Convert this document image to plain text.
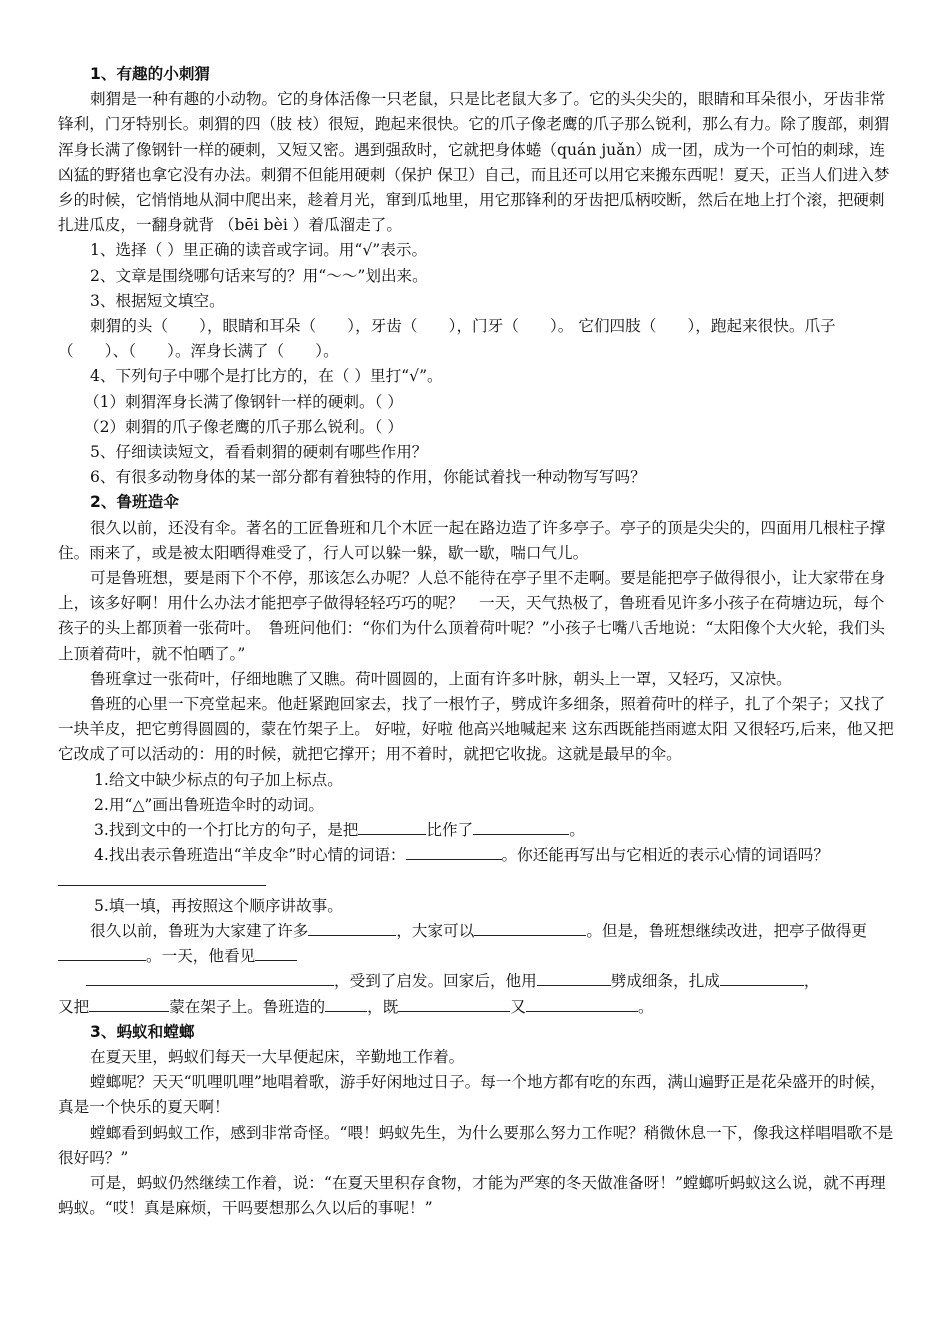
1、有趣的小刺猬

刺猬是一种有趣的小动物。它的身体活像一只老鼠，只是比老鼠大多了。它的头尖尖的，眼睛和耳朵很小，牙齿非常锋利，门牙特别长。刺猬的四（肢 枝）很短，跑起来很快。它的爪子像老鹰的爪子那么锐利，那么有力。除了腹部，刺猬浑身长满了像钢针一样的硬刺，又短又密。遇到强敌时，它就把身体蜷（quán juǎn）成一团，成为一个可怕的刺球，连凶猛的野猪也拿它没有办法。刺猬不但能用硬刺（保护 保卫）自己，而且还可以用它来搬东西呢！夏天，正当人们进入梦乡的时候，它悄悄地从洞中爬出来，趁着月光，窜到瓜地里，用它那锋利的牙齿把瓜柄咬断，然后在地上打个滚，把硬刺扎进瓜皮，一翻身就背 （bēi bèi ）着瓜溜走了。

1、选择（ ）里正确的读音或字词。用“√”表示。

2、文章是围绕哪句话来写的？用“～～”划出来。

3、根据短文填空。

刺猬的头（　　），眼睛和耳朵（　　），牙齿（　　），门牙（　　）。 它们四肢（　　），跑起来很快。爪子（　　）、（　　）。浑身长满了（　　）。

4、下列句子中哪个是打比方的，在（ ）里打“√”。

（1）刺猬浑身长满了像钢针一样的硬刺。（ ）

（2）刺猬的爪子像老鹰的爪子那么锐利。（ ）

5、仔细读读短文，看看刺猬的硬刺有哪些作用？

6、有很多动物身体的某一部分都有着独特的作用，你能试着找一种动物写写吗？

2、鲁班造伞

很久以前，还没有伞。著名的工匠鲁班和几个木匠一起在路边造了许多亭子。亭子的顶是尖尖的，四面用几根柱子撑住。雨来了，或是被太阳晒得难受了，行人可以躲一躲，歇一歇，喘口气儿。

可是鲁班想，要是雨下个不停，那该怎么办呢？人总不能待在亭子里不走啊。要是能把亭子做得很小，让大家带在身上，该多好啊！用什么办法才能把亭子做得轻轻巧巧的呢？　一天，天气热极了，鲁班看见许多小孩子在荷塘边玩，每个孩子的头上都顶着一张荷叶。　鲁班问他们：“你们为什么顶着荷叶呢？”小孩子七嘴八舌地说：“太阳像个大火轮，我们头上顶着荷叶，就不怕晒了。”

鲁班拿过一张荷叶，仔细地瞧了又瞧。荷叶圆圆的，上面有许多叶脉，朝头上一罩，又轻巧，又凉快。

鲁班的心里一下亮堂起来。他赶紧跑回家去，找了一根竹子，劈成许多细条，照着荷叶的样子，扎了个架子；又找了一块羊皮，把它剪得圆圆的，蒙在竹架子上。 好啦，好啦 他高兴地喊起来 这东西既能挡雨遮太阳 又很轻巧,后来，他又把它改成了可以活动的：用的时候，就把它撑开；用不着时，就把它收拢。这就是最早的伞。

1.给文中缺少标点的句子加上标点。

2.用“△”画出鲁班造伞时的动词。

3.找到文中的一个打比方的句子，是把	比作了	。

4.找出表示鲁班造出“羊皮伞”时心情的词语：	。你还能再写出与它相近的表示心情的词语吗？

5.填一填，再按照这个顺序讲故事。

很久以前，鲁班为大家建了许多	，大家可以	。但是，鲁班想继续改进，把亭子做得更。一天，他看见

，受到了启发。回家后，他用	劈成细条，扎成	，

又把	蒙在架子上。鲁班造的	，既	又	。

3、蚂蚁和螳螂

在夏天里，蚂蚁们每天一大早便起床，辛勤地工作着。

螳螂呢？天天“叽哩叽哩”地唱着歌，游手好闲地过日子。每一个地方都有吃的东西，满山遍野正是花朵盛开的时候，真是一个快乐的夏天啊！

螳螂看到蚂蚁工作，感到非常奇怪。“喂！蚂蚁先生，为什么要那么努力工作呢？稍微休息一下，像我这样唱唱歌不是很好吗？”

可是，蚂蚁仍然继续工作着，说：“在夏天里积存食物，才能为严寒的冬天做准备呀！”螳螂听蚂蚁这么说，就不再理蚂蚁。“哎！真是麻烦，干吗要想那么久以后的事呢！”
